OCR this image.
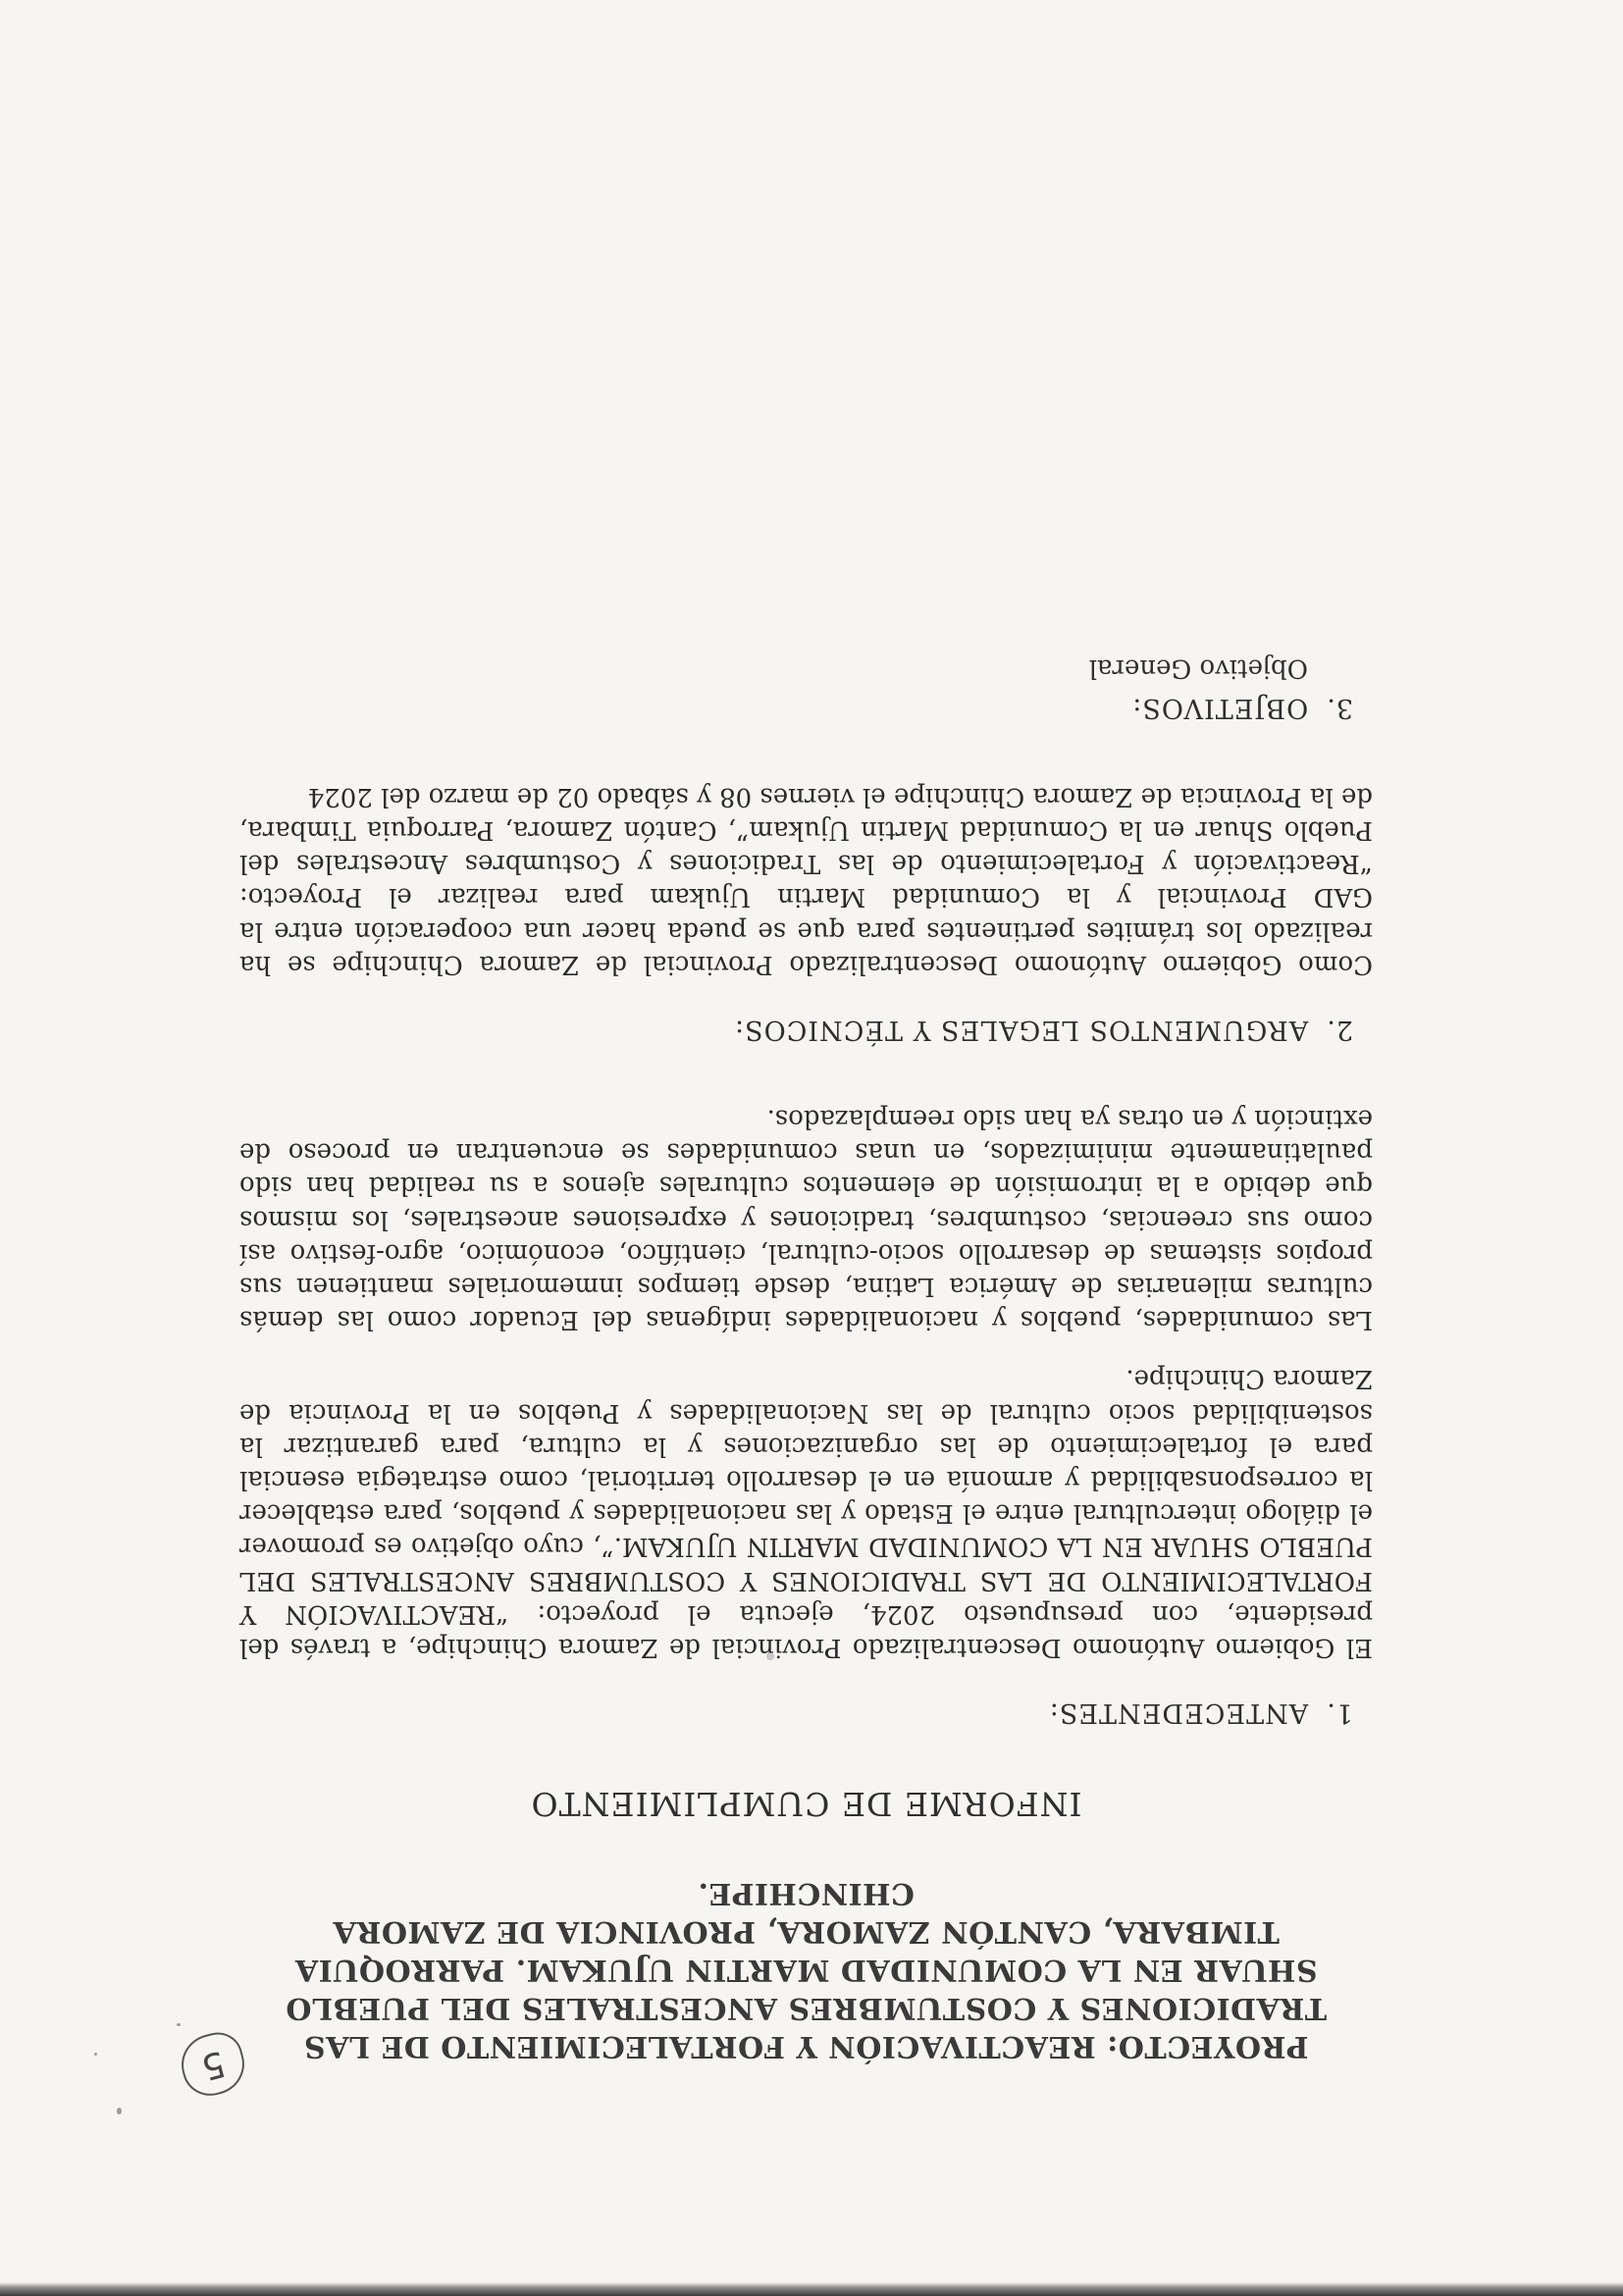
5	PROYECTO: REACTIVACIÓN Y FORTALECIMIENTO DE LAS TRADICIONES Y COSTUMBRES ANCESTRALES DEL PUEBLO SHUAR EN LA COMUNIDAD MARTIN UJUKAM. PARROQUIA TIMBARA, CANTÓN ZAMORA, PROVINCIA DE ZAMORA CHINCHIPE.
INFORME DE CUMPLIMIENTO
1.ANTECEDENTES:

El Gobierno Autónomo Descentralizado Provincial de Zamora Chinchipe, a través del presidente, con presupuesto 2024, ejecuta el proyecto: “REACTIVACIÓN Y FORTALECIMIENTO DE LAS TRADICIONES Y COSTUMBRES ANCESTRALES DEL PUEBLO SHUAR EN LA COMUNIDAD MARTIN UJUKAM.”, cuyo objetivo es promover el diálogo intercultural entre el Estado y las nacionalidades y pueblos, para establecer la corresponsabilidad y armonía en el desarrollo territorial, como estrategia esencial para el fortalecimiento de las organizaciones y la cultura, para garantizar la sostenibilidad socio cultural de las Nacionalidades y Pueblos en la Provincia de Zamora Chinchipe.

Las comunidades, pueblos y nacionalidades indígenas del Ecuador como las demás culturas milenarias de América Latina, desde tiempos inmemoriales mantienen sus propios sistemas de desarrollo socio-cultural, científico, económico, agro-festivo así como sus creencias, costumbres, tradiciones y expresiones ancestrales, los mismos que debido a la intromisión de elementos culturales ajenos a su realidad han sido paulatinamente minimizados, en unas comunidades se encuentran en proceso de extinción y en otras ya han sido reemplazados.

2.ARGUMENTOS LEGALES Y TÉCNICOS:

Como Gobierno Autónomo Descentralizado Provincial de Zamora Chinchipe se ha realizado los trámites pertinentes para que se pueda hacer una cooperación entre la GAD Provincial y la Comunidad Martin Ujukam para realizar el Proyecto: “Reactivación y Fortalecimiento de las Tradiciones y Costumbres Ancestrales del Pueblo Shuar en la Comunidad Martin Ujukam”, Cantón Zamora, Parroquia Timbara, de la Provincia de Zamora Chinchipe el viernes 08 y sábado 02 de marzo del 2024

3.OBJETIVOS:
Objetivo General
